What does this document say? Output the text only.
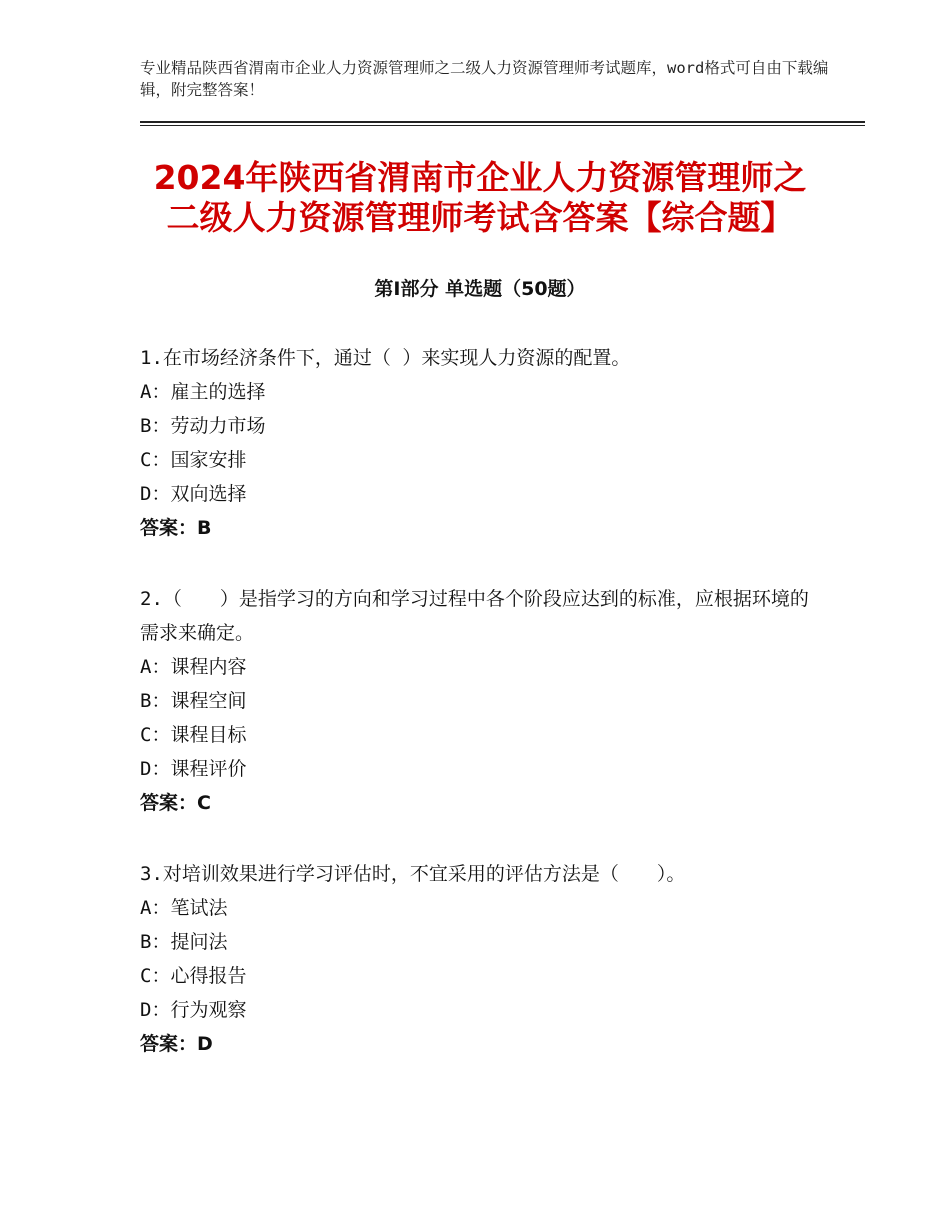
专业精品陕西省渭南市企业人力资源管理师之二级人力资源管理师考试题库，word格式可自由下载编辑，附完整答案！
2024年陕西省渭南市企业人力资源管理师之二级人力资源管理师考试含答案【综合题】
第Ⅰ部分 单选题（50题）

1.在市场经济条件下，通过（ ）来实现人力资源的配置。

A：雇主的选择

B：劳动力市场

C：国家安排

D：双向选择

答案：B

2.（　　）是指学习的方向和学习过程中各个阶段应达到的标准，应根据环境的需求来确定。

A：课程内容

B：课程空间

C：课程目标

D：课程评价

答案：C

3.对培训效果进行学习评估时，不宜采用的评估方法是（　　）。

A：笔试法

B：提问法

C：心得报告

D：行为观察

答案：D
